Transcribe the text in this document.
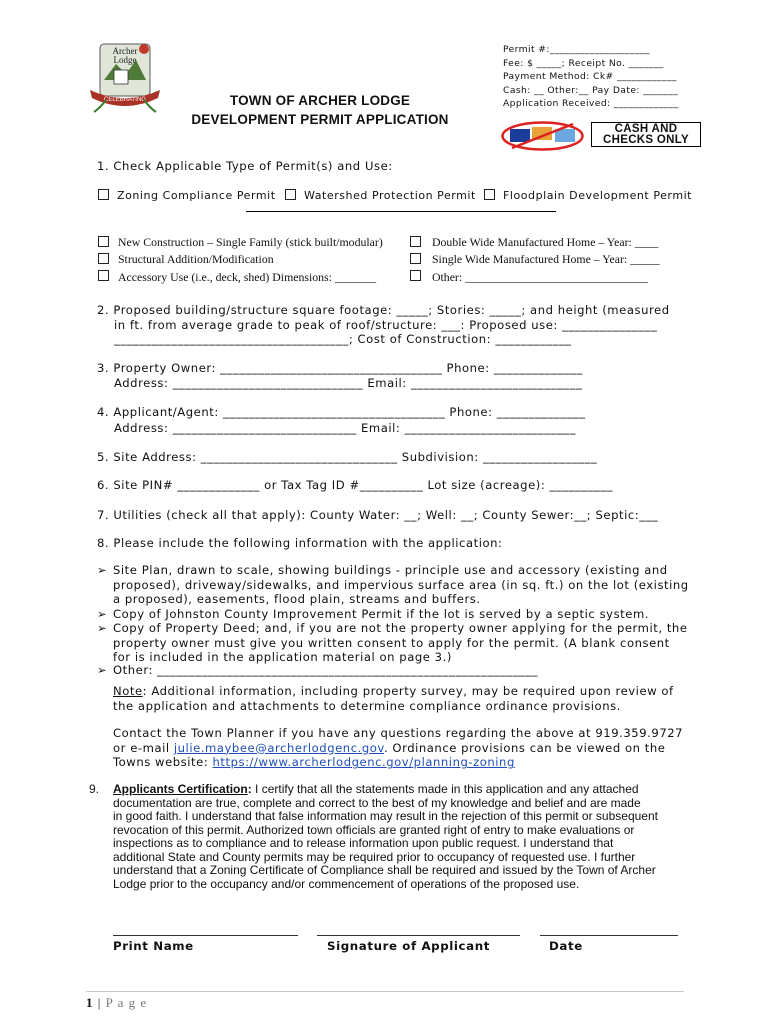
Archer
Lodge
CELEBRATING	TOWN OF ARCHER LODGE
DEVELOPMENT PERMIT APPLICATION
Permit #:____________________
Fee: $ _____; Receipt No. _______
Payment Method: Ck# ____________
Cash: __ Other:__ Pay Date: _______
Application Received: _____________
CASH AND
CHECKS ONLY
1. Check Applicable Type of Permit(s) and Use:
Zoning Compliance Permit	Watershed Protection Permit Floodplain Development Permit
New Construction – Single Family (stick built/modular)
Structural Addition/Modification
Accessory Use (i.e., deck, shed) Dimensions: _______
Double Wide Manufactured Home – Year: ____
Single Wide Manufactured Home – Year: _____
Other: _______________________________
2. Proposed building/structure square footage: _____; Stories: _____; and height (measured
in ft. from average grade to peak of roof/structure: ___: Proposed use: _______________
_____________________________________; Cost of Construction: ____________
3. Property Owner: ___________________________________ Phone: ______________
Address: ______________________________ Email: ___________________________
4. Applicant/Agent: ___________________________________ Phone: ______________
Address: _____________________________ Email: ___________________________
5. Site Address: _______________________________ Subdivision: __________________
6. Site PIN# _____________ or Tax Tag ID #__________ Lot size (acreage): __________
7. Utilities (check all that apply): County Water: __; Well: __; County Sewer:__; Septic:___
8. Please include the following information with the application:
➢ Site Plan, drawn to scale, showing buildings - principle use and accessory (existing and
proposed), driveway/sidewalks, and impervious surface area (in sq. ft.) on the lot (existing
a proposed), easements, flood plain, streams and buffers.
➢ Copy of Johnston County Improvement Permit if the lot is served by a septic system.
➢ Copy of Property Deed; and, if you are not the property owner applying for the permit, the
property owner must give you written consent to apply for the permit. (A blank consent
for is included in the application material on page 3.)
➢ Other: ____________________________________________________________
Note: Additional information, including property survey, may be required upon review of
the application and attachments to determine compliance ordinance provisions.
Contact the Town Planner if you have any questions regarding the above at 919.359.9727
or e-mail julie.maybee@archerlodgenc.gov. Ordinance provisions can be viewed on the
Towns website: https://www.archerlodgenc.gov/planning-zoning
9. Applicants Certification: I certify that all the statements made in this application and any attached
documentation are true, complete and correct to the best of my knowledge and belief and are made
in good faith. I understand that false information may result in the rejection of this permit or subsequent
revocation of this permit. Authorized town officials are granted right of entry to make evaluations or
inspections as to compliance and to release information upon public request. I understand that
additional State and County permits may be required prior to occupancy of requested use. I further
understand that a Zoning Certificate of Compliance shall be required and issued by the Town of Archer
Lodge prior to the occupancy and/or commencement of operations of the proposed use.
Print Name	Signature of Applicant	Date
1 | P a g e
